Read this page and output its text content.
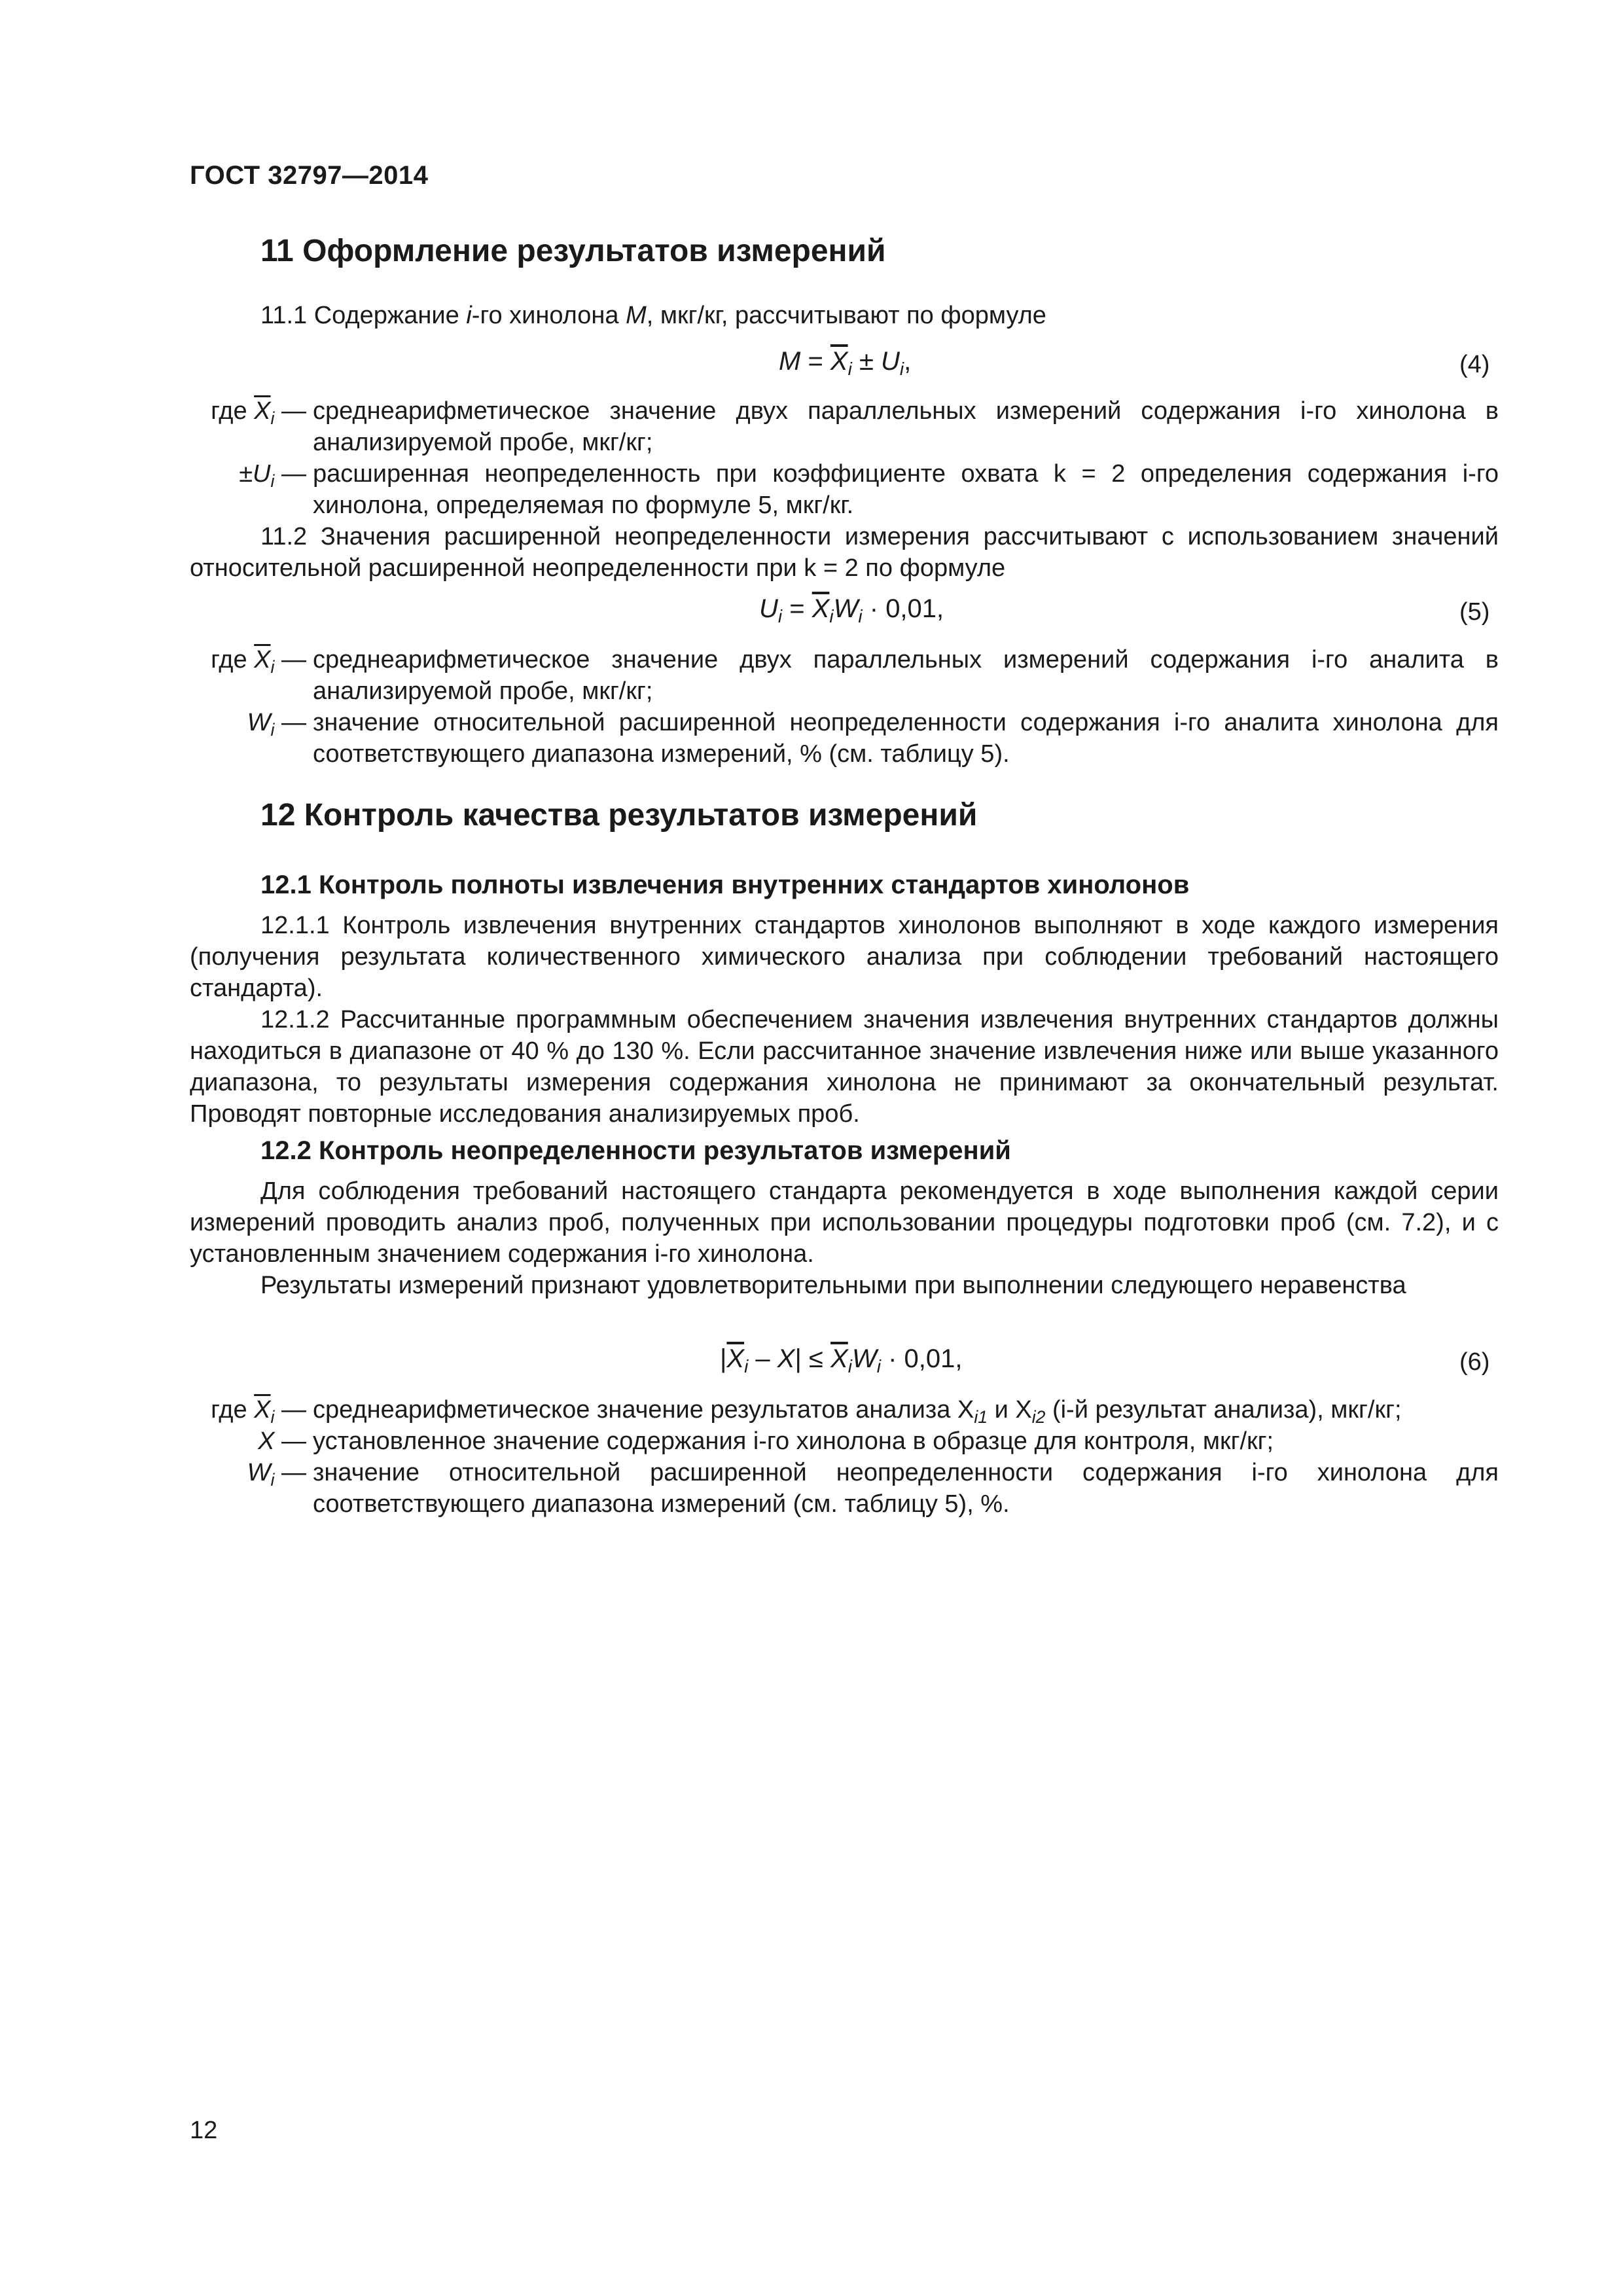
ГОСТ 32797—2014
11 Оформление результатов измерений
11.1 Содержание i-го хинолона M, мкг/кг, рассчитывают по формуле
$M = \overline{X}_i \pm U_i$,	(4)
где $\overline{X}_i$ — среднеарифметическое значение двух параллельных измерений содержания i-го хинолона в анализируемой пробе, мкг/кг;
$\pm U_i$ — расширенная неопределенность при коэффициенте охвата k = 2 определения содержания i-го хинолона, определяемая по формуле 5, мкг/кг.
11.2 Значения расширенной неопределенности измерения рассчитывают с использованием значений относительной расширенной неопределенности при k = 2 по формуле
$U_i = \overline{X}_iW_i \cdot 0,01$,	(5)
где $\overline{X}_i$ — среднеарифметическое значение двух параллельных измерений содержания i-го аналита в анализируемой пробе, мкг/кг;
$W_i$ — значение относительной расширенной неопределенности содержания i-го аналита хинолона для соответствующего диапазона измерений, % (см. таблицу 5).
12 Контроль качества результатов измерений
12.1 Контроль полноты извлечения внутренних стандартов хинолонов
12.1.1 Контроль извлечения внутренних стандартов хинолонов выполняют в ходе каждого измерения (получения результата количественного химического анализа при соблюдении требований настоящего стандарта).
12.1.2 Рассчитанные программным обеспечением значения извлечения внутренних стандартов должны находиться в диапазоне от 40 % до 130 %. Если рассчитанное значение извлечения ниже или выше указанного диапазона, то результаты измерения содержания хинолона не принимают за окончательный результат. Проводят повторные исследования анализируемых проб.
12.2 Контроль неопределенности результатов измерений
Для соблюдения требований настоящего стандарта рекомендуется в ходе выполнения каждой серии измерений проводить анализ проб, полученных при использовании процедуры подготовки проб (см. 7.2), и с установленным значением содержания i-го хинолона.
Результаты измерений признают удовлетворительными при выполнении следующего неравенства
$|\overline{X}_i - X| \le \overline{X}_iW_i \cdot 0,01$,	(6)
где $\overline{X}_i$ — среднеарифметическое значение результатов анализа $X_{i1}$ и $X_{i2}$ (i-й результат анализа), мкг/кг;
X — установленное значение содержания i-го хинолона в образце для контроля, мкг/кг;
$W_i$ — значение относительной расширенной неопределенности содержания i-го хинолона для соответствующего диапазона измерений (см. таблицу 5), %.
12
